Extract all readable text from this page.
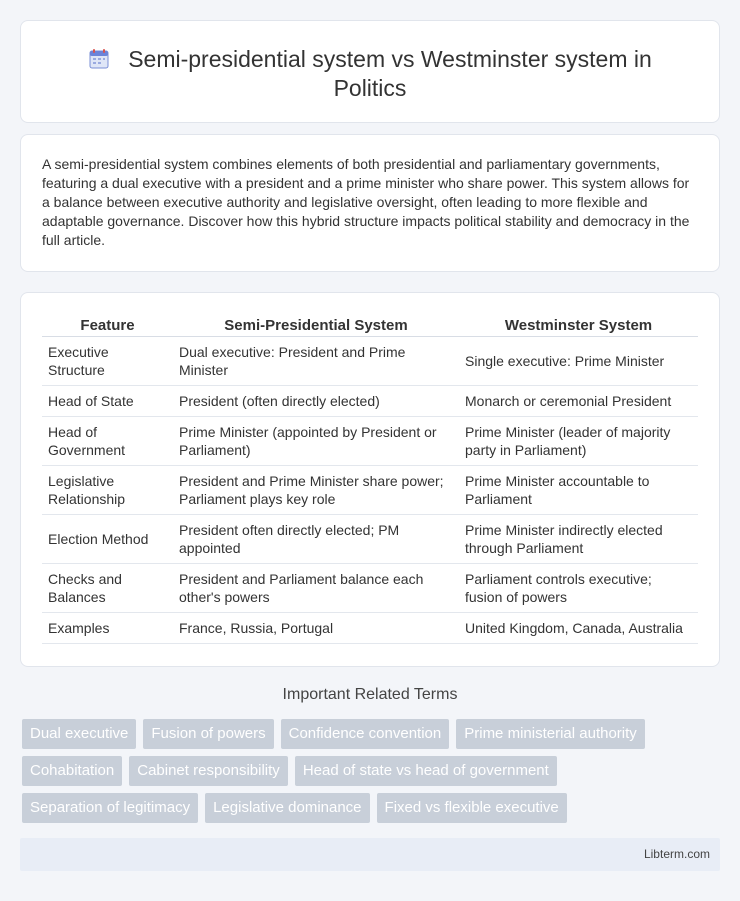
Semi-presidential system vs Westminster system in Politics

A semi-presidential system combines elements of both presidential and parliamentary governments, featuring a dual executive with a president and a prime minister who share power. This system allows for a balance between executive authority and legislative oversight, often leading to more flexible and adaptable governance. Discover how this hybrid structure impacts political stability and democracy in the full article.

Feature	Semi-Presidential System	Westminster System
Executive Structure	Dual executive: President and Prime Minister	Single executive: Prime Minister
Head of State	President (often directly elected)	Monarch or ceremonial President
Head of Government	Prime Minister (appointed by President or Parliament)	Prime Minister (leader of majority party in Parliament)
Legislative Relationship	President and Prime Minister share power; Parliament plays key role	Prime Minister accountable to Parliament
Election Method	President often directly elected; PM appointed	Prime Minister indirectly elected through Parliament
Checks and Balances	President and Parliament balance each other's powers	Parliament controls executive; fusion of powers
Examples	France, Russia, Portugal	United Kingdom, Canada, Australia
Important Related Terms
Dual executive	Fusion of powers	Confidence convention	Prime ministerial authority
Cohabitation	Cabinet responsibility	Head of state vs head of government
Separation of legitimacy	Legislative dominance	Fixed vs flexible executive
Libterm.com
